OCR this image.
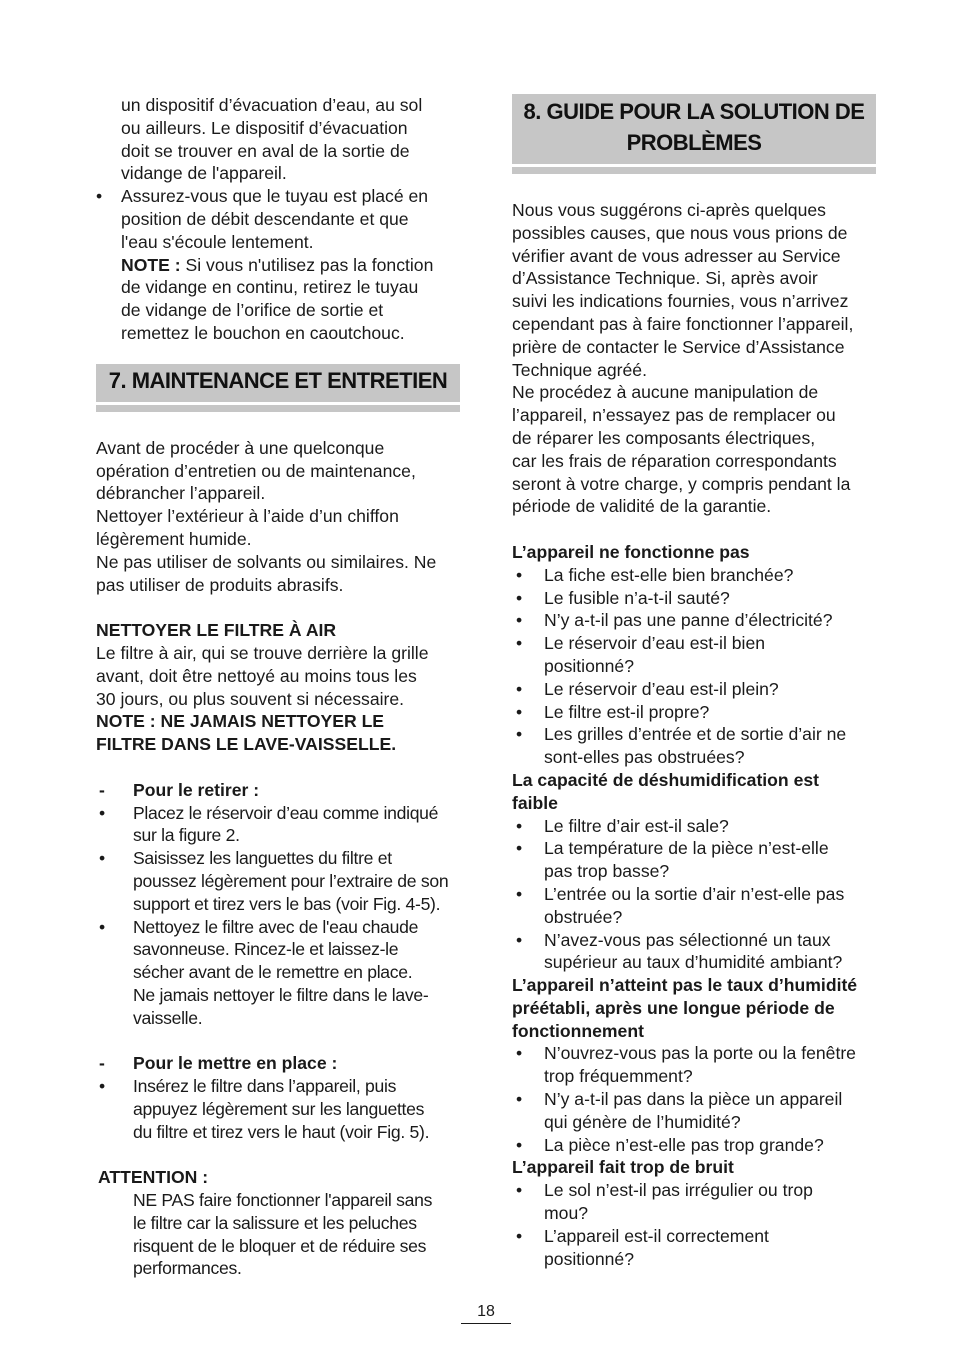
un dispositif d’évacuation d’eau, au sol
ou ailleurs. Le dispositif d’évacuation
doit se trouver en aval de la sortie de
vidange de l'appareil.
• Assurez-vous que le tuyau est placé en
position de débit descendante et que
l'eau s'écoule lentement.
NOTE : Si vous n'utilisez pas la fonction
de vidange en continu, retirez le tuyau
de vidange de l’orifice de sortie et
remettez le bouchon en caoutchouc.
7. MAINTENANCE ET ENTRETIEN
Avant de procéder à une quelconque
opération d’entretien ou de maintenance,
débrancher l’appareil.
Nettoyer l’extérieur à l’aide d’un chiffon
légèrement humide.
Ne pas utiliser de solvants ou similaires. Ne
pas utiliser de produits abrasifs.
NETTOYER LE FILTRE À AIR
Le filtre à air, qui se trouve derrière la grille
avant, doit être nettoyé au moins tous les
30 jours, ou plus souvent si nécessaire.
NOTE : NE JAMAIS NETTOYER LE
FILTRE DANS LE LAVE-VAISSELLE.
- Pour le retirer :
• Placez le réservoir d’eau comme indiqué
sur la figure 2.
• Saisissez les languettes du filtre et
poussez légèrement pour l’extraire de son
support et tirez vers le bas (voir Fig. 4-5).
• Nettoyez le filtre avec de l'eau chaude
savonneuse. Rincez-le et laissez-le
sécher avant de le remettre en place.
Ne jamais nettoyer le filtre dans le lave-
vaisselle.
- Pour le mettre en place :
• Insérez le filtre dans l’appareil, puis
appuyez légèrement sur les languettes
du filtre et tirez vers le haut (voir Fig. 5).
ATTENTION :
NE PAS faire fonctionner l'appareil sans
le filtre car la salissure et les peluches
risquent de le bloquer et de réduire ses
performances.
8. GUIDE POUR LA SOLUTION DE
PROBLÈMES
Nous vous suggérons ci-après quelques
possibles causes, que nous vous prions de
vérifier avant de vous adresser au Service
d’Assistance Technique. Si, après avoir
suivi les indications fournies, vous n’arrivez
cependant pas à faire fonctionner l’appareil,
prière de contacter le Service d’Assistance
Technique agréé.
Ne procédez à aucune manipulation de
l’appareil, n’essayez pas de remplacer ou
de réparer les composants électriques,
car les frais de réparation correspondants
seront à votre charge, y compris pendant la
période de validité de la garantie.
L’appareil ne fonctionne pas
• La fiche est-elle bien branchée?
• Le fusible n’a-t-il sauté?
• N’y a-t-il pas une panne d’électricité?
• Le réservoir d’eau est-il bien
positionné?
• Le réservoir d’eau est-il plein?
• Le filtre est-il propre?
• Les grilles d’entrée et de sortie d’air ne
sont-elles pas obstruées?
La capacité de déshumidification est
faible
• Le filtre d’air est-il sale?
• La température de la pièce n’est-elle
pas trop basse?
• L’entrée ou la sortie d’air n’est-elle pas
obstruée?
• N’avez-vous pas sélectionné un taux
supérieur au taux d’humidité ambiant?
L’appareil n’atteint pas le taux d’humidité
préétabli, après une longue période de
fonctionnement
• N’ouvrez-vous pas la porte ou la fenêtre
trop fréquemment?
• N’y a-t-il pas dans la pièce un appareil
qui génère de l’humidité?
• La pièce n’est-elle pas trop grande?
L’appareil fait trop de bruit
• Le sol n’est-il pas irrégulier ou trop
mou?
• L’appareil est-il correctement
positionné?
18
